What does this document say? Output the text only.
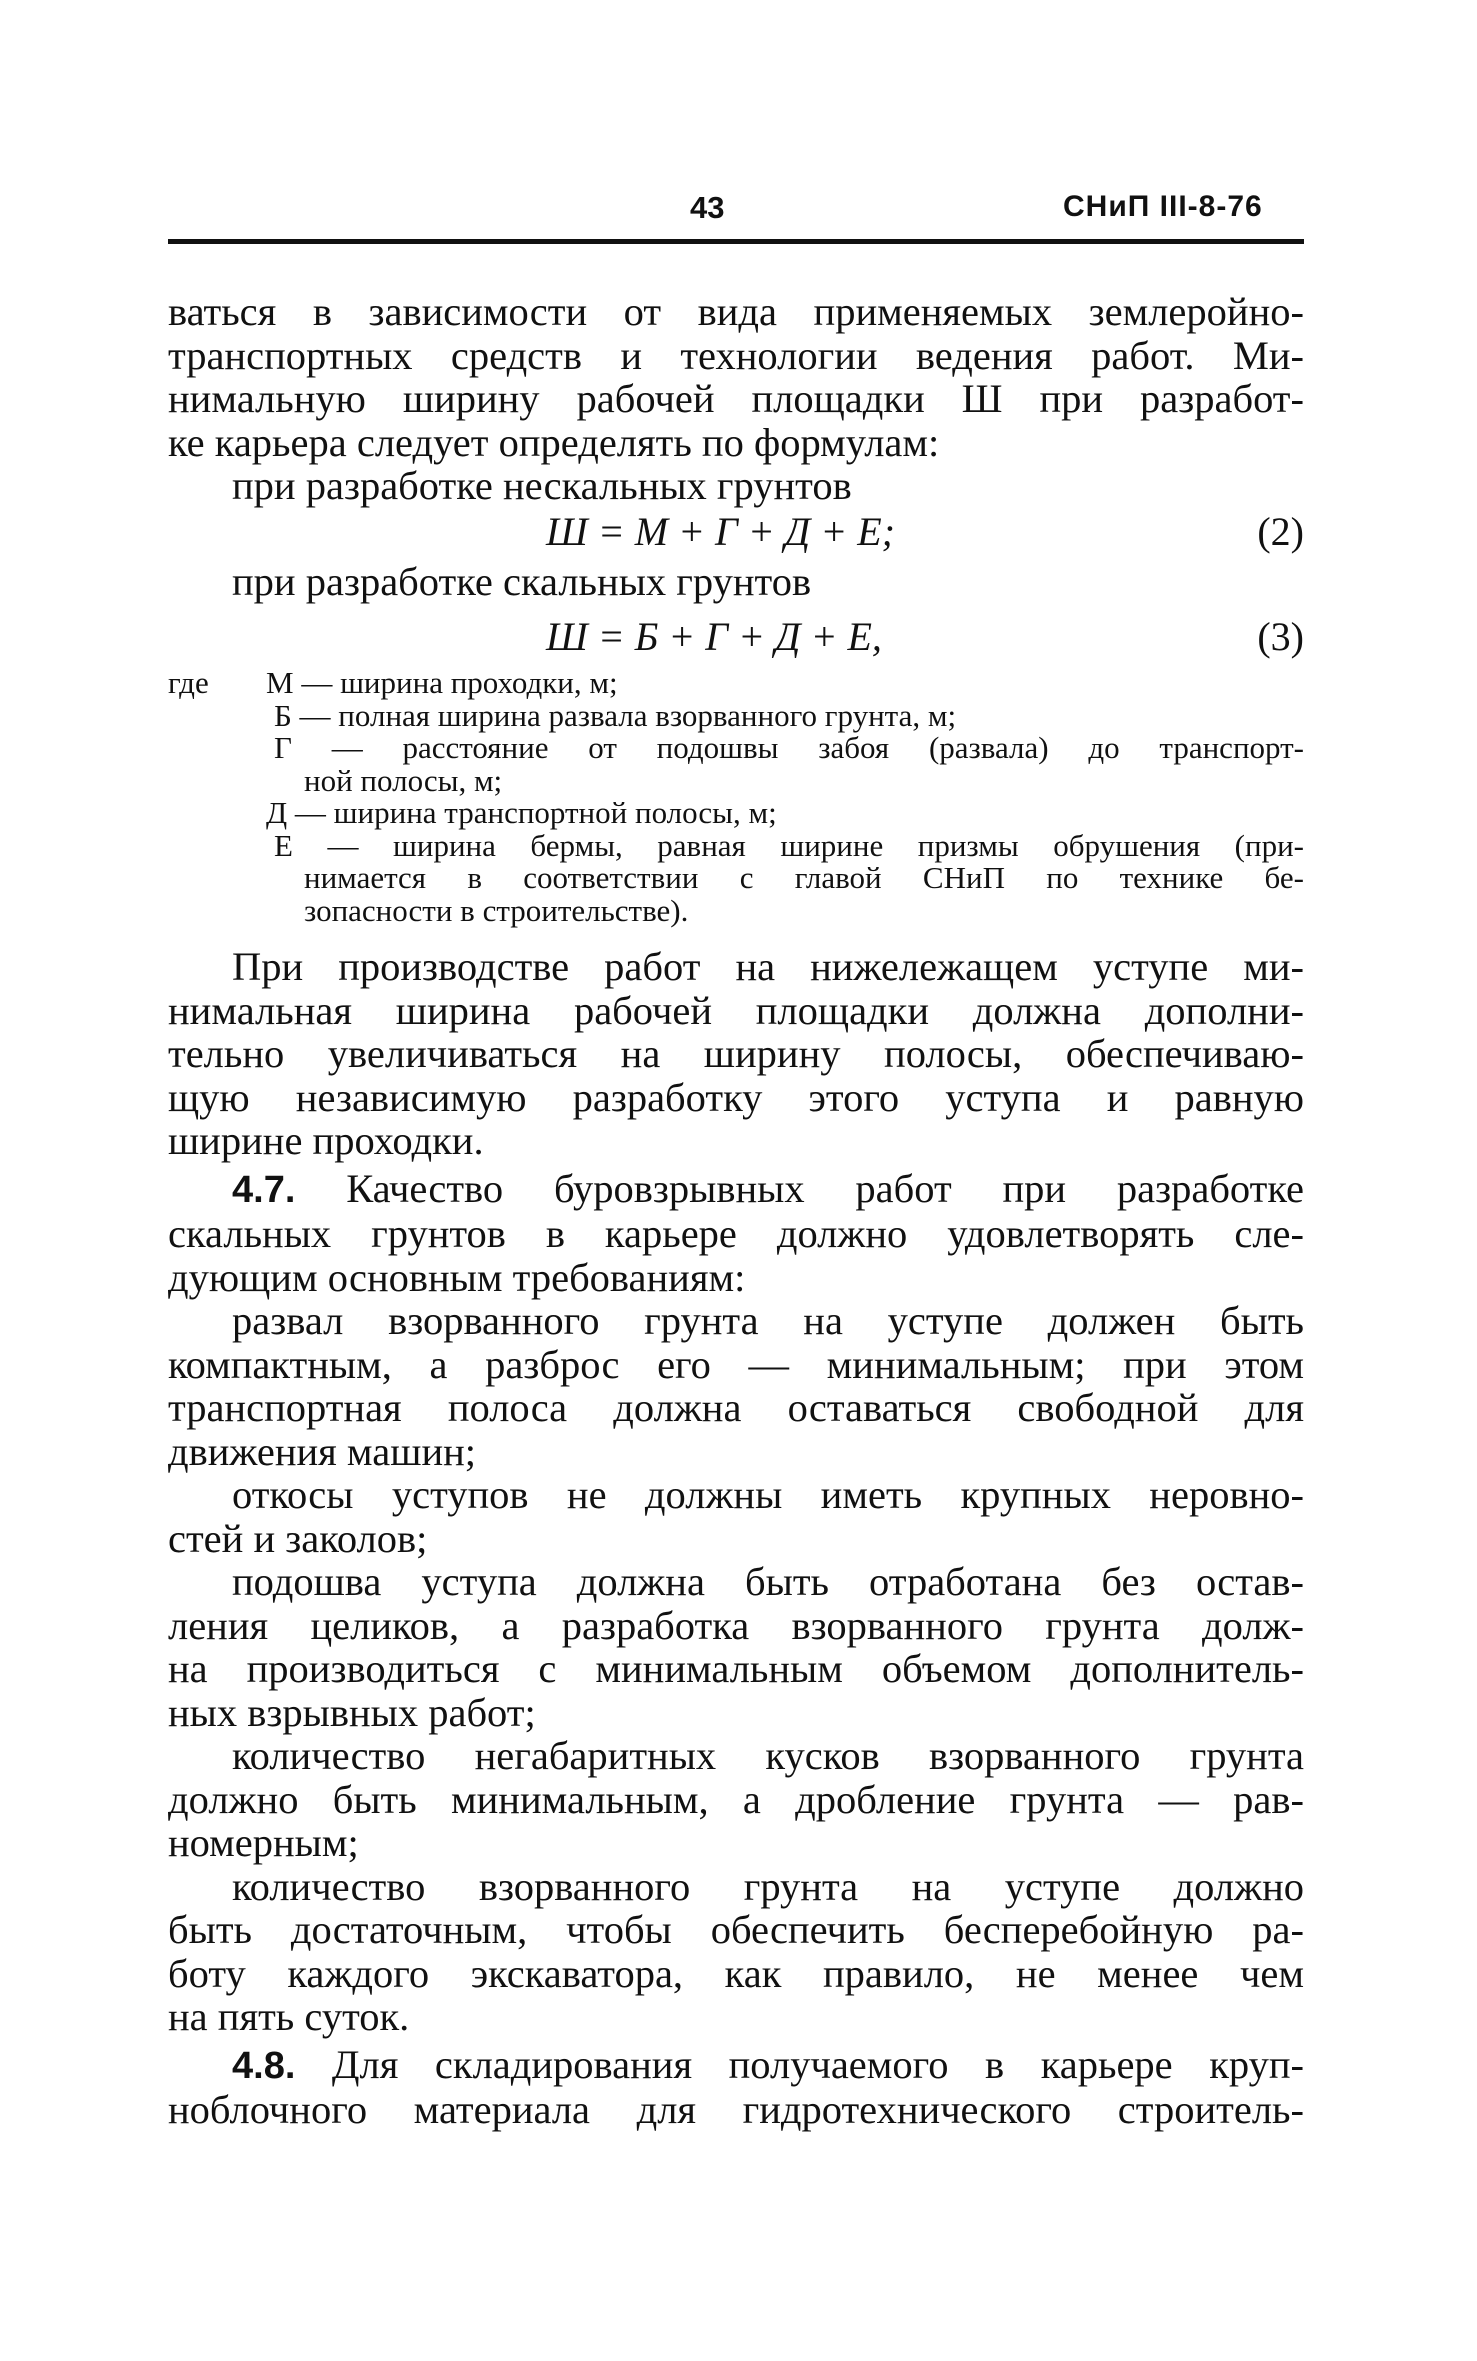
43	СНиП III-8-76

ваться в зависимости от вида применяемых землеройно-
транспортных средств и технологии ведения работ. Ми-
нимальную ширину рабочей площадки Ш при разработ-
ке карьера следует определять по формулам:

при разработке нескальных грунтов

Ш = М + Г + Д + Е;	(2)

при разработке скальных грунтов

Ш = Б + Г + Д + Е,	(3)
где М — ширина проходки, м;
Б — полная ширина развала взорванного грунта, м;
Г — расстояние от подошвы забоя (развала) до транспорт-
ной полосы, м;
Д — ширина транспортной полосы, м;
Е — ширина бермы, равная ширине призмы обрушения (при-
нимается в соответствии с главой СНиП по технике бе-
зопасности в строительстве).

При производстве работ на нижележащем уступе ми-
нимальная ширина рабочей площадки должна дополни-
тельно увеличиваться на ширину полосы, обеспечиваю-
щую независимую разработку этого уступа и равную
ширине проходки.

4.7. Качество буровзрывных работ при разработке
скальных грунтов в карьере должно удовлетворять сле-
дующим основным требованиям:

развал взорванного грунта на уступе должен быть
компактным, а разброс его — минимальным; при этом
транспортная полоса должна оставаться свободной для
движения машин;

откосы уступов не должны иметь крупных неровно-
стей и заколов;

подошва уступа должна быть отработана без остав-
ления целиков, а разработка взорванного грунта долж-
на производиться с минимальным объемом дополнитель-
ных взрывных работ;

количество негабаритных кусков взорванного грунта
должно быть минимальным, а дробление грунта — рав-
номерным;

количество взорванного грунта на уступе должно
быть достаточным, чтобы обеспечить бесперебойную ра-
боту каждого экскаватора, как правило, не менее чем
на пять суток.

4.8. Для складирования получаемого в карьере круп-
ноблочного материала для гидротехнического строитель-
